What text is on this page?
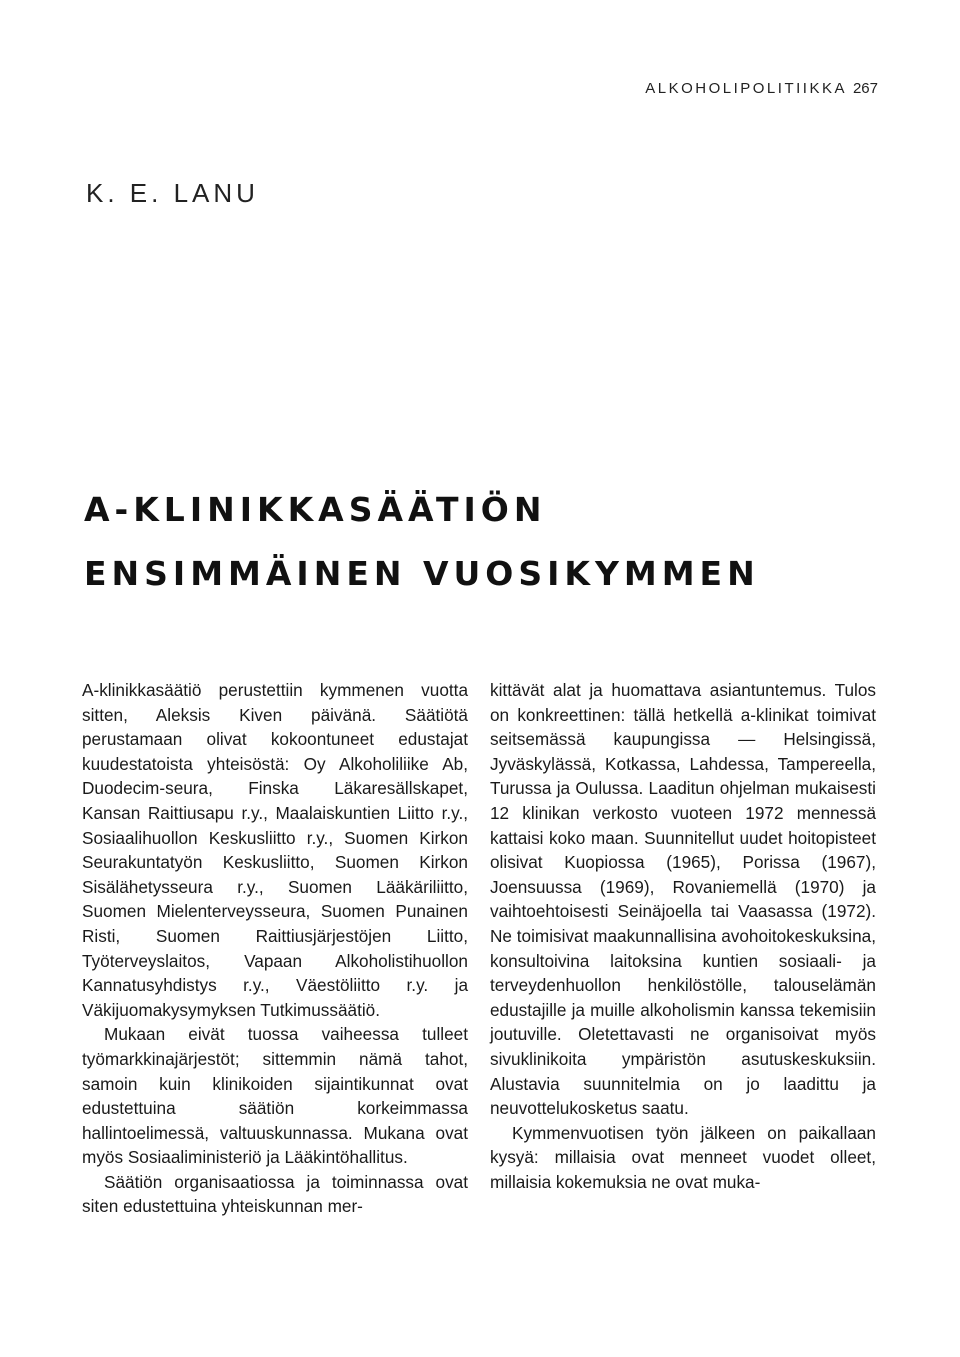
ALKOHOLIPOLITIIKKA 267
K. E. LANU
A-KLINIKKASÄÄTIÖN
ENSIMMÄINEN VUOSIKYMMEN

A-klinikkasäätiö perustettiin kymmenen vuotta sitten, Aleksis Kiven päivänä. Säätiötä perustamaan olivat kokoontuneet edustajat kuudestatoista yhteisöstä: Oy Alkoholiliike Ab, Duodecim-seura, Finska Läkaresällskapet, Kansan Raittiusapu r.y., Maalaiskuntien Liitto r.y., Sosiaalihuollon Keskusliitto r.y., Suomen Kirkon Seurakuntatyön Keskusliitto, Suomen Kirkon Sisälähetysseura r.y., Suomen Lääkäriliitto, Suomen Mielenterveysseura, Suomen Punainen Risti, Suomen Raittiusjärjestöjen Liitto, Työterveyslaitos, Vapaan Alkoholistihuollon Kannatusyhdistys r.y., Väestöliitto r.y. ja Väkijuomakysymyksen Tutkimussäätiö.

Mukaan eivät tuossa vaiheessa tulleet työmarkkinajärjestöt; sittemmin nämä tahot, samoin kuin klinikoiden sijaintikunnat ovat edustettuina säätiön korkeimmassa hallintoelimessä, valtuuskunnassa. Mukana ovat myös Sosiaaliministeriö ja Lääkintöhallitus.

Säätiön organisaatiossa ja toiminnassa ovat siten edustettuina yhteiskunnan mer-

kittävät alat ja huomattava asiantuntemus. Tulos on konkreettinen: tällä hetkellä a-klinikat toimivat seitsemässä kaupungissa — Helsingissä, Jyväskylässä, Kotkassa, Lahdessa, Tampereella, Turussa ja Oulussa. Laaditun ohjelman mukaisesti 12 klinikan verkosto vuoteen 1972 mennessä kattaisi koko maan. Suunnitellut uudet hoitopisteet olisivat Kuopiossa (1965), Porissa (1967), Joensuussa (1969), Rovaniemellä (1970) ja vaihtoehtoisesti Seinäjoella tai Vaasassa (1972). Ne toimisivat maakunnallisina avohoitokeskuksina, konsultoivina laitoksina kuntien sosiaali- ja terveydenhuollon henkilöstölle, talouselämän edustajille ja muille alkoholismin kanssa tekemisiin joutuville. Oletettavasti ne organisoivat myös sivuklinikoita ympäristön asutuskeskuksiin. Alustavia suunnitelmia on jo laadittu ja neuvottelukosketus saatu.

Kymmenvuotisen työn jälkeen on paikallaan kysyä: millaisia ovat menneet vuodet olleet, millaisia kokemuksia ne ovat muka-
